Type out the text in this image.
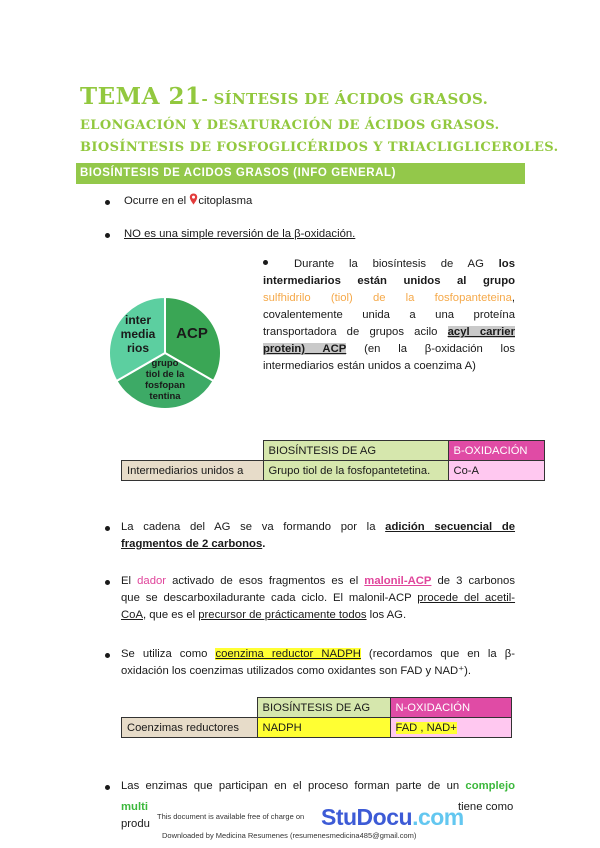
TEMA 21- SÍNTESIS DE ÁCIDOS GRASOS.
ELONGACIÓN Y DESATURACIÓN DE ÁCIDOS GRASOS.
BIOSÍNTESIS DE FOSFOGLICÉRIDOS Y TRIACLIGLICEROLES.
BIOSÍNTESIS DE ACIDOS GRASOS (INFO GENERAL)
Ocurre en el citoplasma
NO es una simple reversión de la β-oxidación.
inter
media
rios
ACP
grupo
tiol de la
fosfopan
tentina
Durante la biosíntesis de AG los
intermediarios están unidos al grupo
sulfhidrilo (tiol) de la fosfopanteteina,
covalentemente unida a una proteína
transportadora de grupos acilo acyl carrier
protein) ACP (en la β-oxidación los
intermediarios están unidos a coenzima A)
	BIOSÍNTESIS DE AG	B-OXIDACIÓN
Intermediarios unidos a	Grupo tiol de la fosfopantetetina.	Co-A
La cadena del AG se va formando por la adición secuencial de
fragmentos de 2 carbonos.
El dador activado de esos fragmentos es el malonil-ACP de 3 carbonos
que se descarboxiladurante cada ciclo. El malonil-ACP procede del acetil-
CoA, que es el precursor de prácticamente todos los AG.
Se utiliza como coenzima reductor NADPH (recordamos que en la β-
oxidación los coenzimas utilizados como oxidantes son FAD y NAD⁺).
	BIOSÍNTESIS DE AG	N-OXIDACIÓN
Coenzimas reductores	NADPH	FAD , NAD+
Las enzimas que participan en el proceso forman parte de un complejo
multi	tiene como
produ
This document is available free of charge on StuDocu.com
Downloaded by Medicina Resumenes (resumenesmedicina485@gmail.com)
